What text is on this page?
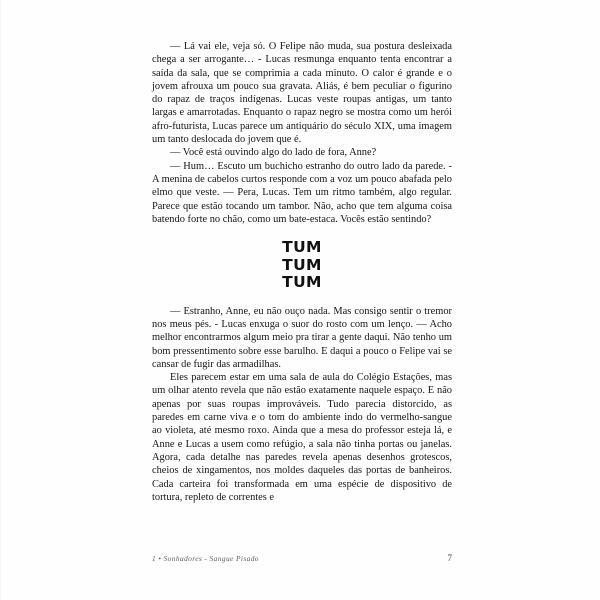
— Lá vai ele, veja só. O Felipe não muda, sua postura desleixada chega a ser arrogante… - Lucas resmunga enquanto tenta encontrar a saída da sala, que se comprimia a cada minuto. O calor é grande e o jovem afrouxa um pouco sua gravata. Aliás, é bem peculiar o figurino do rapaz de traços indígenas. Lucas veste roupas antigas, um tanto largas e amarrotadas. Enquanto o rapaz negro se mostra como um herói afro-futurista, Lucas parece um antiquário do século XIX, uma imagem um tanto deslocada do jovem que é.

— Você está ouvindo algo do lado de fora, Anne?

— Hum… Escuto um buchicho estranho do outro lado da parede. - A menina de cabelos curtos responde com a voz um pouco abafada pelo elmo que veste. — Pera, Lucas. Tem um ritmo também, algo regular. Parece que estão tocando um tambor. Não, acho que tem alguma coisa batendo forte no chão, como um bate-estaca. Vocês estão sentindo?

TUM
TUM
TUM

— Estranho, Anne, eu não ouço nada. Mas consigo sentir o tremor nos meus pés. - Lucas enxuga o suor do rosto com um lenço. — Acho melhor encontrarmos algum meio pra tirar a gente daqui. Não tenho um bom pressentimento sobre esse barulho. E daqui a pouco o Felipe vai se cansar de fugir das armadilhas.

Eles parecem estar em uma sala de aula do Colégio Estações, mas um olhar atento revela que não estão exatamente naquele espaço. E não apenas por suas roupas improváveis. Tudo parecia distorcido, as paredes em carne viva e o tom do ambiente indo do vermelho-sangue ao violeta, até mesmo roxo. Ainda que a mesa do professor esteja lá, e Anne e Lucas a usem como refúgio, a sala não tinha portas ou janelas. Agora, cada detalhe nas paredes revela apenas desenhos grotescos, cheios de xingamentos, nos moldes daqueles das portas de banheiros. Cada carteira foi transformada em uma espécie de dispositivo de tortura, repleto de correntes e

1 • Sonhadores - Sangue Pisado	7
